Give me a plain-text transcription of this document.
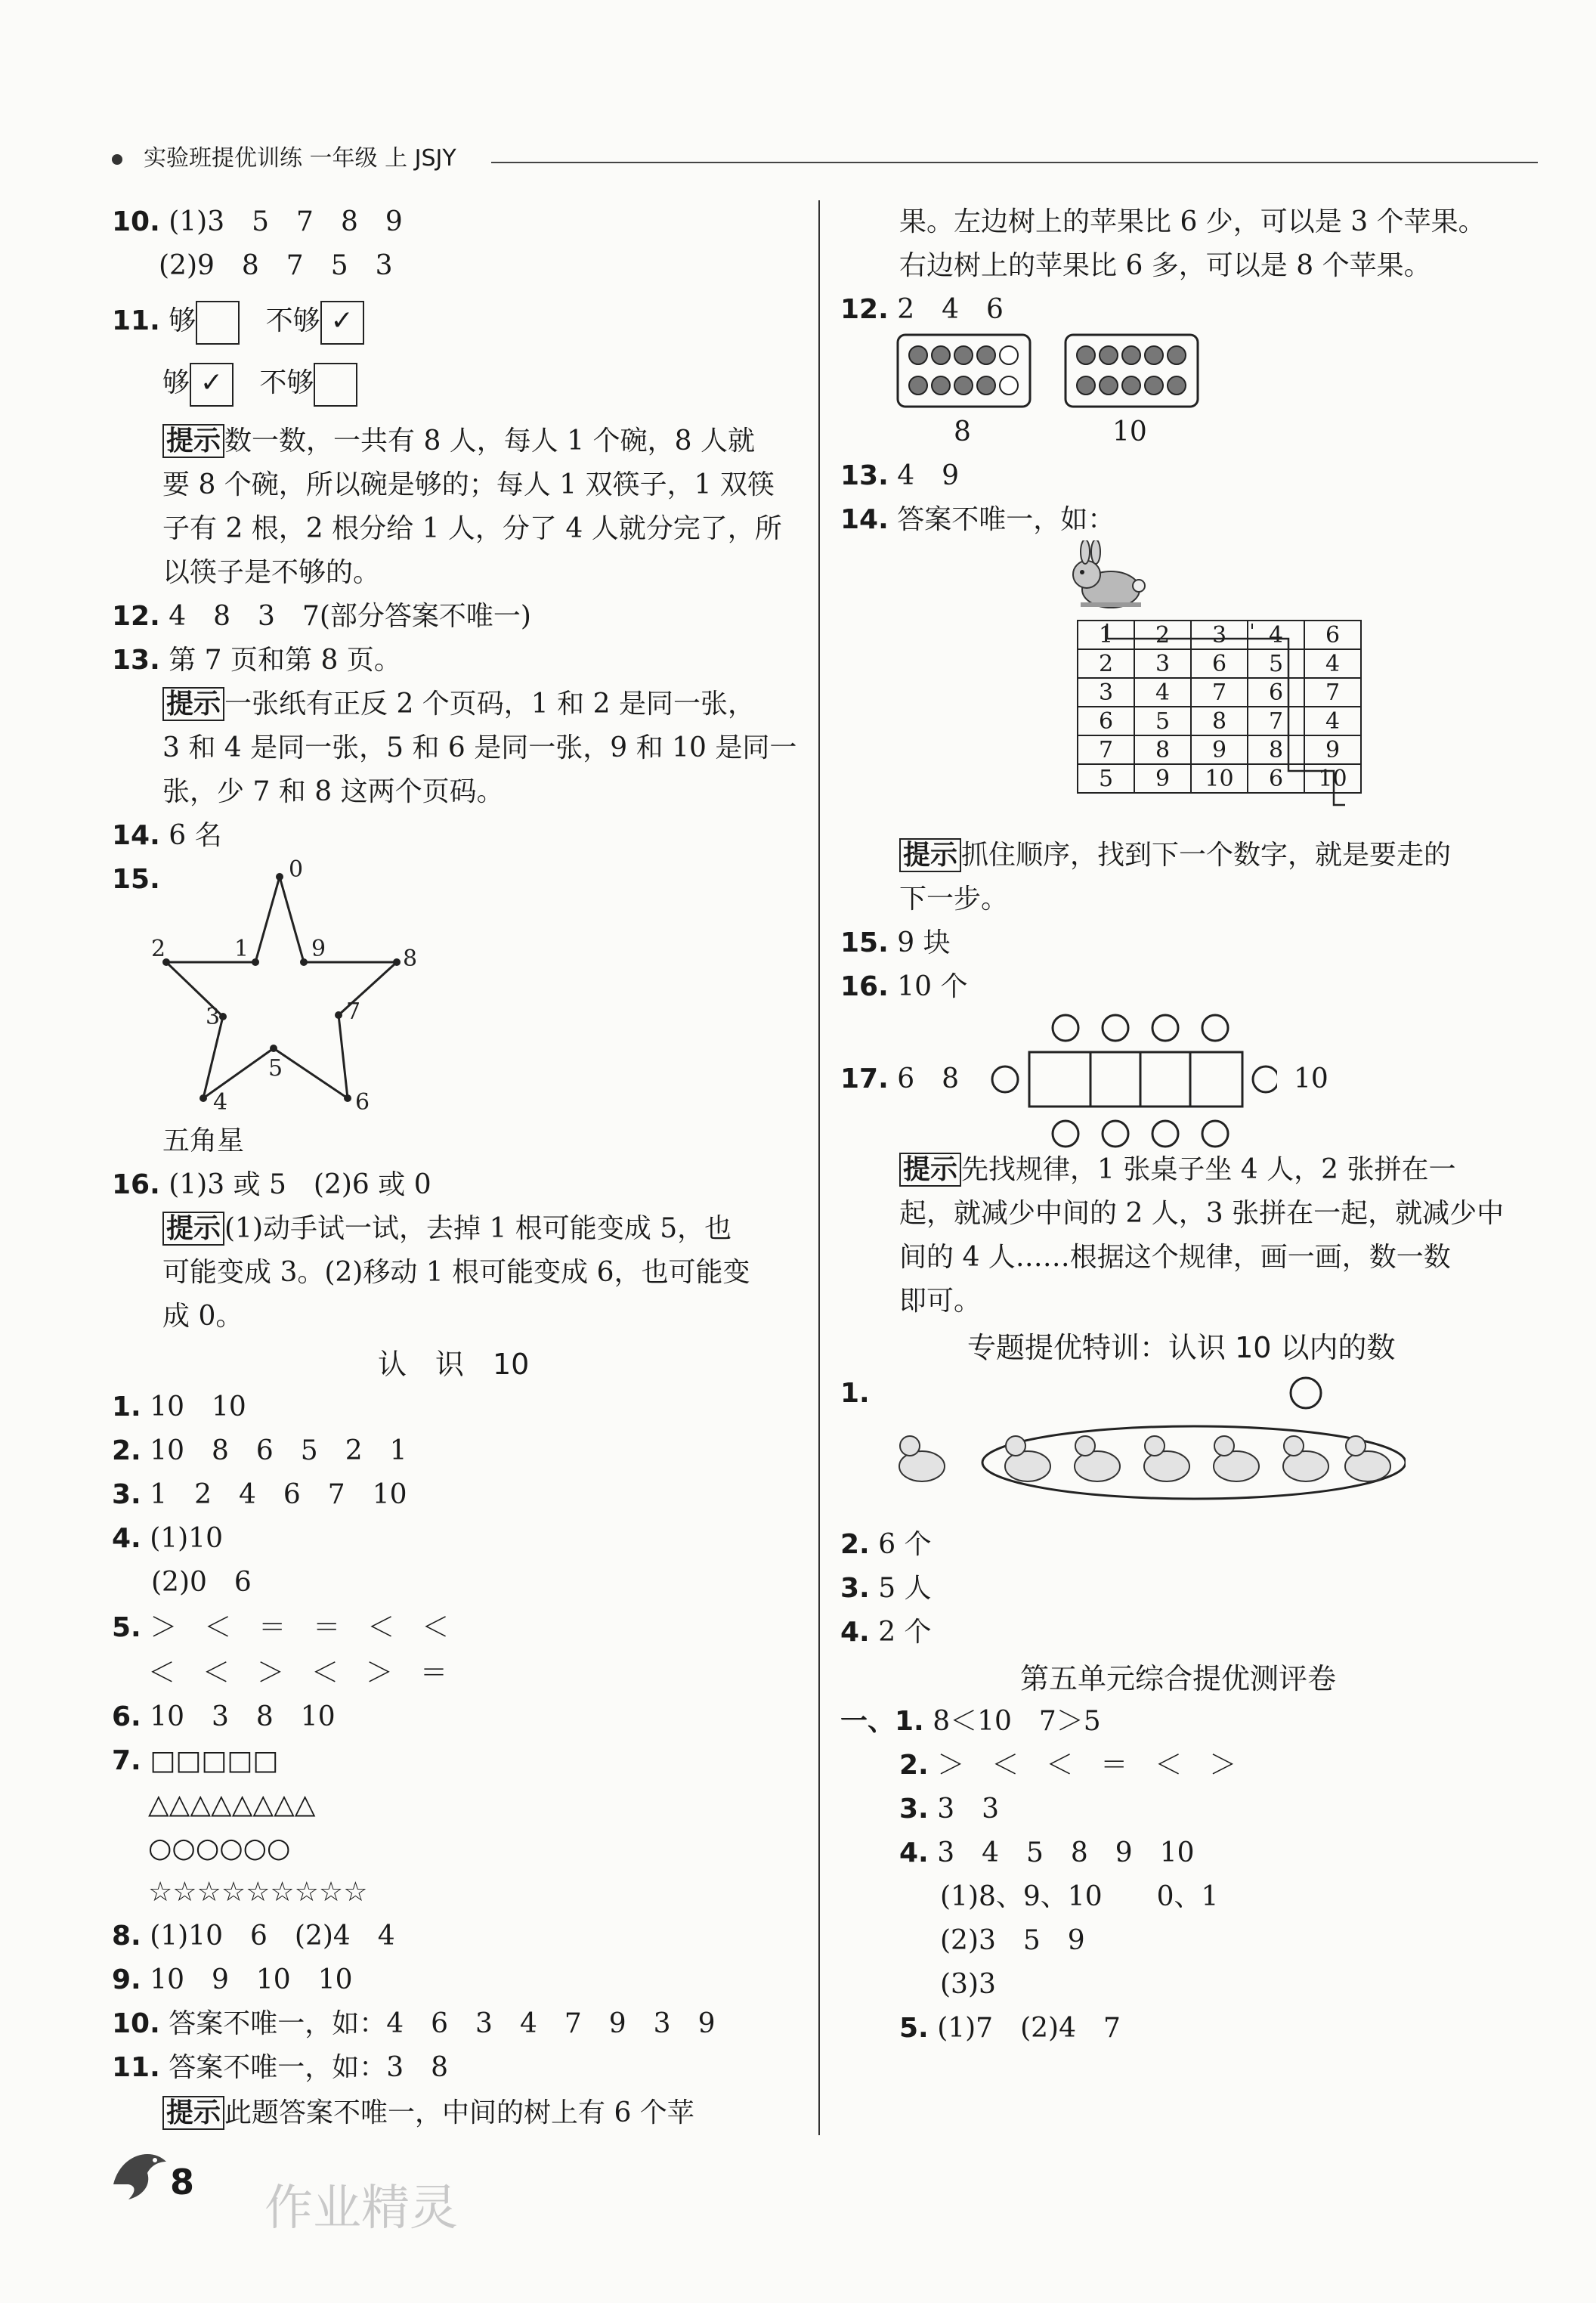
实验班提优训练 一年级 上 JSJY
10. (1)3　5　7　8　9
(2)9　8　7　5　3
11. 够	不够 ✓
够 ✓ 不够
提示 数一数，一共有 8 人，每人 1 个碗，8 人就
要 8 个碗，所以碗是够的；每人 1 双筷子，1 双筷
子有 2 根，2 根分给 1 人，分了 4 人就分完了，所
以筷子是不够的。
12. 4　8　3　7(部分答案不唯一)
13. 第 7 页和第 8 页。
提示 一张纸有正反 2 个页码，1 和 2 是同一张，
3 和 4 是同一张，5 和 6 是同一张，9 和 10 是同一
张，少 7 和 8 这两个页码。
14. 6 名
15.	0
1
2
3
4
5
6
7
8
9
五角星
16. (1)3 或 5　(2)6 或 0
提示 (1)动手试一试，去掉 1 根可能变成 5，也
可能变成 3。(2)移动 1 根可能变成 6，也可能变
成 0。
认　识　10
1. 10　10
2. 10　8　6　5　2　1
3. 1　2　4　6　7　10
4. (1)10
(2)0　6
5. ＞　＜　＝　＝　＜　＜
＜　＜　＞　＜　＞　＝
6. 10　3　8　10
7. □□□□□
△△△△△△△△
○○○○○○
☆☆☆☆☆☆☆☆☆
8. (1)10　6　(2)4　4
9. 10　9　10　10
10. 答案不唯一，如：4　6　3　4　7　9　3　9
11. 答案不唯一，如：3　8
提示 此题答案不唯一，中间的树上有 6 个苹
果。左边树上的苹果比 6 少，可以是 3 个苹果。
右边树上的苹果比 6 多，可以是 8 个苹果。
12. 2　4　6
8	10
13. 4　9
14. 答案不唯一，如：
1	2	3	4	6
2	3	6	5	4
3	4	7	6	7
6	5	8	7	4
7	8	9	8	9
5	9	10	6	10
提示 抓住顺序，找到下一个数字，就是要走的
下一步。
15. 9 块
16. 10 个
17. 6　8	10
提示 先找规律，1 张桌子坐 4 人，2 张拼在一
起，就减少中间的 2 人，3 张拼在一起，就减少中
间的 4 人……根据这个规律，画一画，数一数
即可。
专题提优特训：认识 10 以内的数
1.
2. 6 个
3. 5 人
4. 2 个
第五单元综合提优测评卷
一、1. 8＜10　7＞5
2. ＞　＜　＜　＝　＜　＞
3. 3　3
4. 3　4　5　8　9　10
(1)8、9、10　　0、1
(2)3　5　9
(3)3
5. (1)7　(2)4　7
8 作业精灵
